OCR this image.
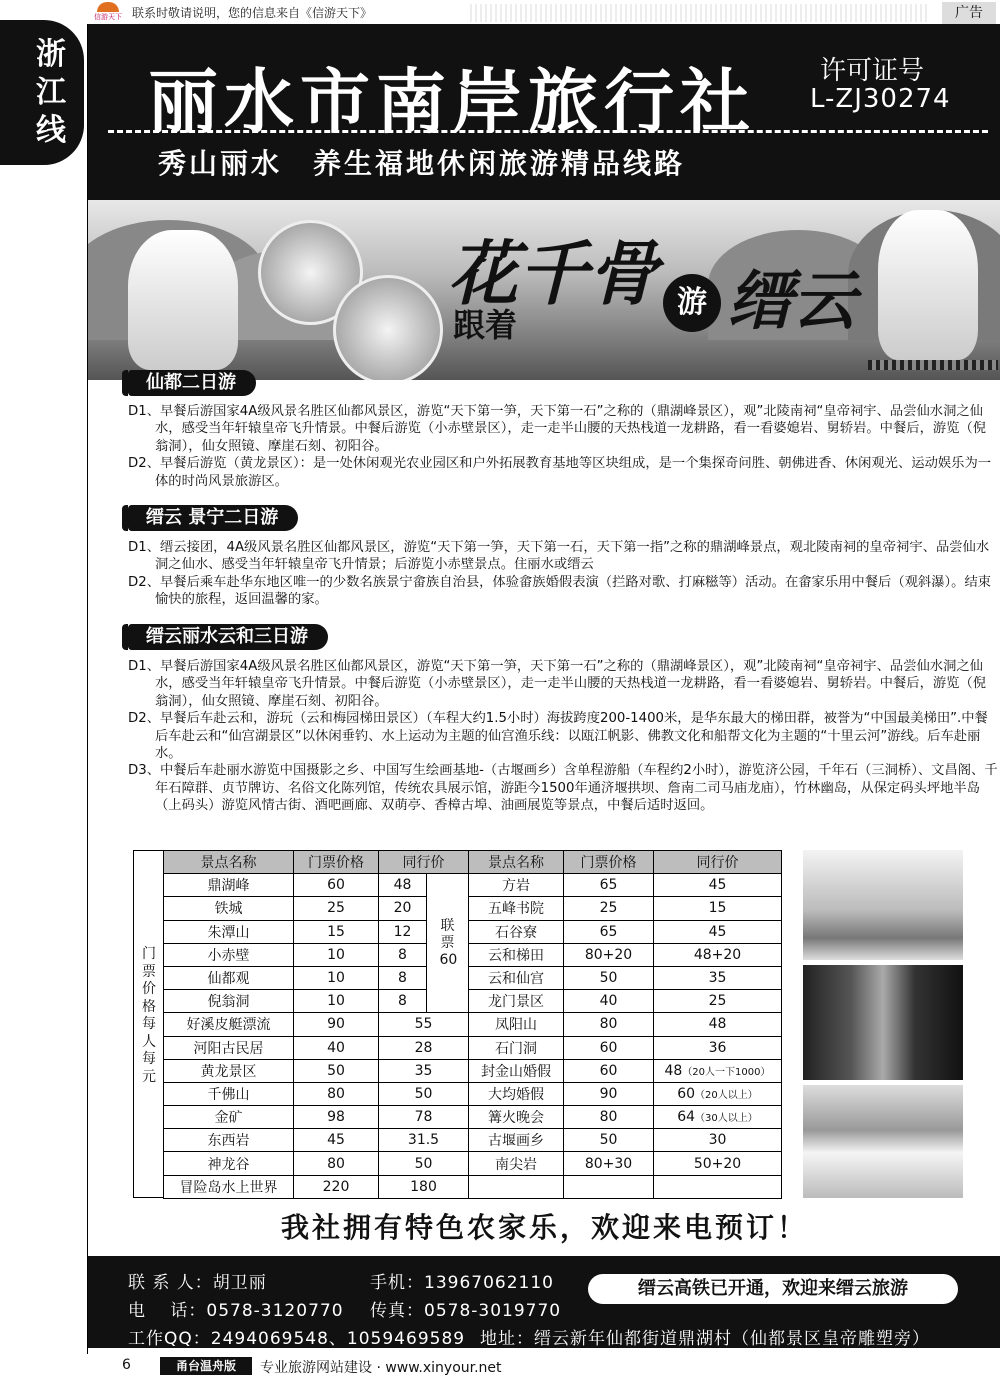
信游天下 联系时敬请说明，您的信息来自《信游天下》	广告
浙
江
线 丽水市南岸旅行社 许可证号
L-ZJ30274
秀山丽水　养生福地休闲旅游精品线路
花千骨
跟着
游 缙云
仙都二日游

D1、早餐后游国家4A级风景名胜区仙都风景区，游览“天下第一笋，天下第一石”之称的（鼎湖峰景区），观”北陵南祠“皇帝祠宇、品尝仙水洞之仙水，感受当年轩辕皇帝飞升情景。中餐后游览（小赤壁景区），走一走半山腰的天热栈道一龙耕路，看一看婆媳岩、舅轿岩。中餐后，游览（倪翁洞），仙女照镜、摩崖石刻、初阳谷。

D2、早餐后游览（黄龙景区）：是一处休闲观光农业园区和户外拓展教育基地等区块组成，是一个集探奇问胜、朝佛进香、休闲观光、运动娱乐为一体的时尚风景旅游区。

缙云 景宁二日游

D1、缙云接团，4A级风景名胜区仙都风景区，游览“天下第一笋，天下第一石，天下第一指”之称的鼎湖峰景点，观北陵南祠的皇帝祠宇、品尝仙水洞之仙水、感受当年轩辕皇帝飞升情景；后游览小赤壁景点。住丽水或缙云

D2、早餐后乘车赴华东地区唯一的少数名族景宁畲族自治县，体验畲族婚假表演（拦路对歌、打麻糍等）活动。在畲家乐用中餐后（观斜瀑）。结束愉快的旅程，返回温馨的家。

缙云丽水云和三日游

D1、早餐后游国家4A级风景名胜区仙都风景区，游览“天下第一笋，天下第一石”之称的（鼎湖峰景区），观”北陵南祠“皇帝祠宇、品尝仙水洞之仙水，感受当年轩辕皇帝飞升情景。中餐后游览（小赤壁景区），走一走半山腰的天热栈道一龙耕路，看一看婆媳岩、舅轿岩。中餐后，游览（倪翁洞），仙女照镜、摩崖石刻、初阳谷。

D2、早餐后车赴云和，游玩（云和梅园梯田景区）（车程大约1.5小时）海拔跨度200-1400米，是华东最大的梯田群，被誉为“中国最美梯田”.中餐后车赴云和“仙宫湖景区”以休闲垂钓、水上运动为主题的仙宫渔乐线：以瓯江帆影、佛教文化和船帮文化为主题的“十里云河”游线。后车赴丽水。

D3、中餐后车赴丽水游览中国摄影之乡、中国写生绘画基地-（古堰画乡）含单程游船（车程约2小时），游览济公园，千年石（三洞桥）、文昌阁、千年石障群、贞节牌访、名俗文化陈列馆，传统农具展示馆，游距今1500年通济堰拱坝、詹南二司马庙龙庙），竹林幽岛，从保定码头坪地半岛（上码头）游览风情古街、酒吧画廊、双萌亭、香樟古埠、油画展览等景点，中餐后适时返回。

门票价格每人每元
景点名称	门票价格	同行价		景点名称	门票价格	同行价
鼎湖峰	60	48	联票60	方岩	65	45
铁城	25	20		五峰书院	25	15
朱潭山	15	12		石谷寮	65	45
小赤壁	10	8		云和梯田	80+20	48+20
仙都观	10	8		云和仙宫	50	35
倪翁洞	10	8		龙门景区	40	25
好溪皮艇漂流	90	55		凤阳山	80	48
河阳古民居	40	28		石门洞	60	36
黄龙景区	50	35		封金山婚假	60	48（20人一下1000）
千佛山	80	50		大均婚假	90	60（20人以上）
金矿	98	78		篝火晚会	80	64（30人以上）
东西岩	45	31.5		古堰画乡	50	30
神龙谷	80	50		南尖岩	80+30	50+20
冒险岛水上世界	220	180				
我社拥有特色农家乐，欢迎来电预订！
联 系 人：胡卫丽	手机：13967062110
电　 话：0578-3120770 传真：0578-3019770
工作QQ：2494069548、1059469589 地址：缙云新年仙都街道鼎湖村（仙都景区皇帝雕塑旁）
缙云高铁已开通，欢迎来缙云旅游
6	甬台温舟版	专业旅游网站建设 · www.xinyour.net
